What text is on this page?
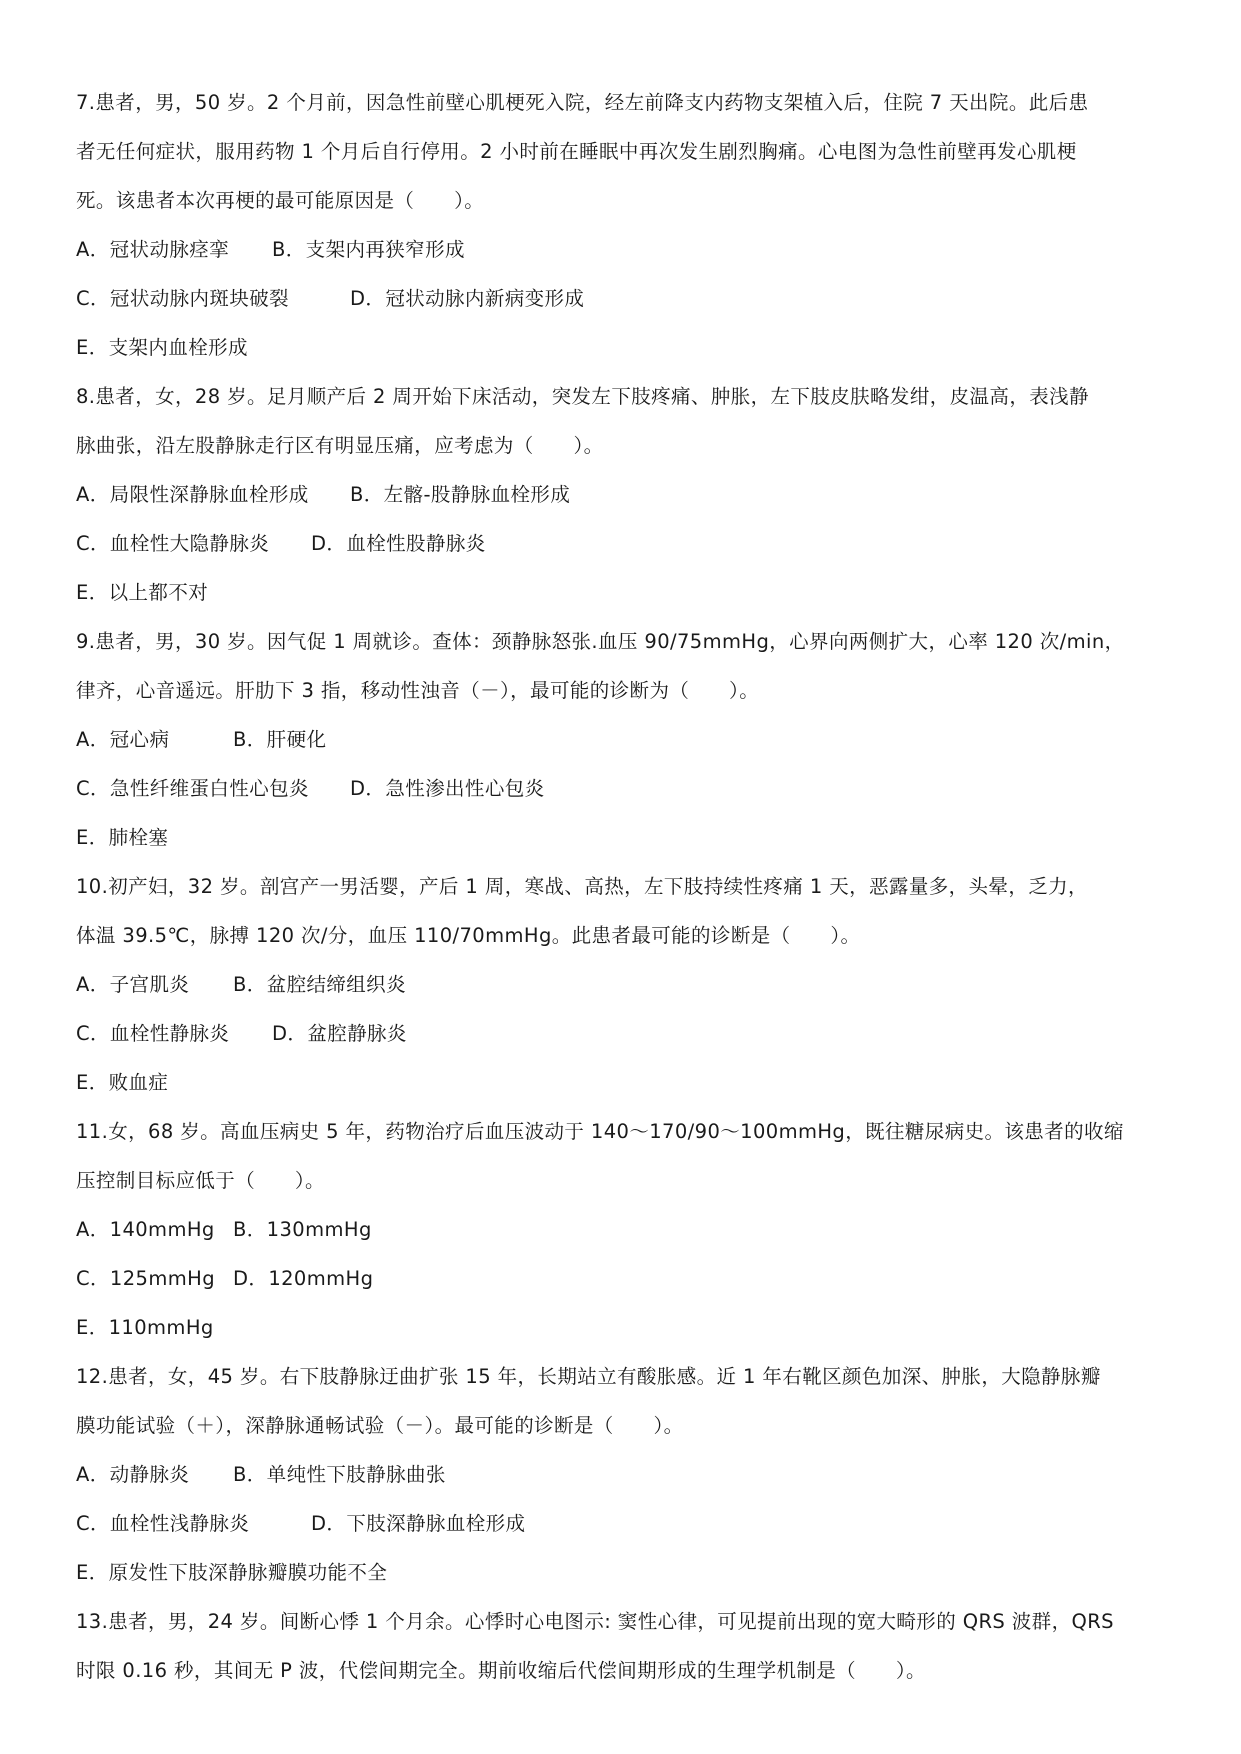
7.患者，男，50 岁。2 个月前，因急性前壁心肌梗死入院，经左前降支内药物支架植入后，住院 7 天出院。此后患
者无任何症状，服用药物 1 个月后自行停用。2 小时前在睡眠中再次发生剧烈胸痛。心电图为急性前壁再发心肌梗
死。该患者本次再梗的最可能原因是（　　）。
A．冠状动脉痉挛	B．支架内再狭窄形成
C．冠状动脉内斑块破裂	D．冠状动脉内新病变形成
E．支架内血栓形成
8.患者，女，28 岁。足月顺产后 2 周开始下床活动，突发左下肢疼痛、肿胀，左下肢皮肤略发绀，皮温高，表浅静
脉曲张，沿左股静脉走行区有明显压痛，应考虑为（　　）。
A．局限性深静脉血栓形成	B．左髂-股静脉血栓形成
C．血栓性大隐静脉炎	D．血栓性股静脉炎
E．以上都不对
9.患者，男，30 岁。因气促 1 周就诊。查体：颈静脉怒张.血压 90/75mmHg，心界向两侧扩大，心率 120 次/min，
律齐，心音遥远。肝肋下 3 指，移动性浊音（－），最可能的诊断为（　　）。
A．冠心病	B．肝硬化
C．急性纤维蛋白性心包炎	D．急性渗出性心包炎
E．肺栓塞
10.初产妇，32 岁。剖宫产一男活婴，产后 1 周，寒战、高热，左下肢持续性疼痛 1 天，恶露量多，头晕，乏力，
体温 39.5℃，脉搏 120 次/分，血压 110/70mmHg。此患者最可能的诊断是（　　）。
A．子宫肌炎	B．盆腔结缔组织炎
C．血栓性静脉炎	D．盆腔静脉炎
E．败血症
11.女，68 岁。高血压病史 5 年，药物治疗后血压波动于 140～170/90～100mmHg，既往糖尿病史。该患者的收缩
压控制目标应低于（　　）。
A．140mmHg B．130mmHg
C．125mmHg D．120mmHg
E．110mmHg
12.患者，女，45 岁。右下肢静脉迂曲扩张 15 年，长期站立有酸胀感。近 1 年右靴区颜色加深、肿胀，大隐静脉瓣
膜功能试验（＋），深静脉通畅试验（－）。最可能的诊断是（　　）。
A．动静脉炎	B．单纯性下肢静脉曲张
C．血栓性浅静脉炎	D．下肢深静脉血栓形成
E．原发性下肢深静脉瓣膜功能不全
13.患者，男，24 岁。间断心悸 1 个月余。心悸时心电图示: 窦性心律，可见提前出现的宽大畸形的 QRS 波群，QRS
时限 0.16 秒，其间无 P 波，代偿间期完全。期前收缩后代偿间期形成的生理学机制是（　　）。
